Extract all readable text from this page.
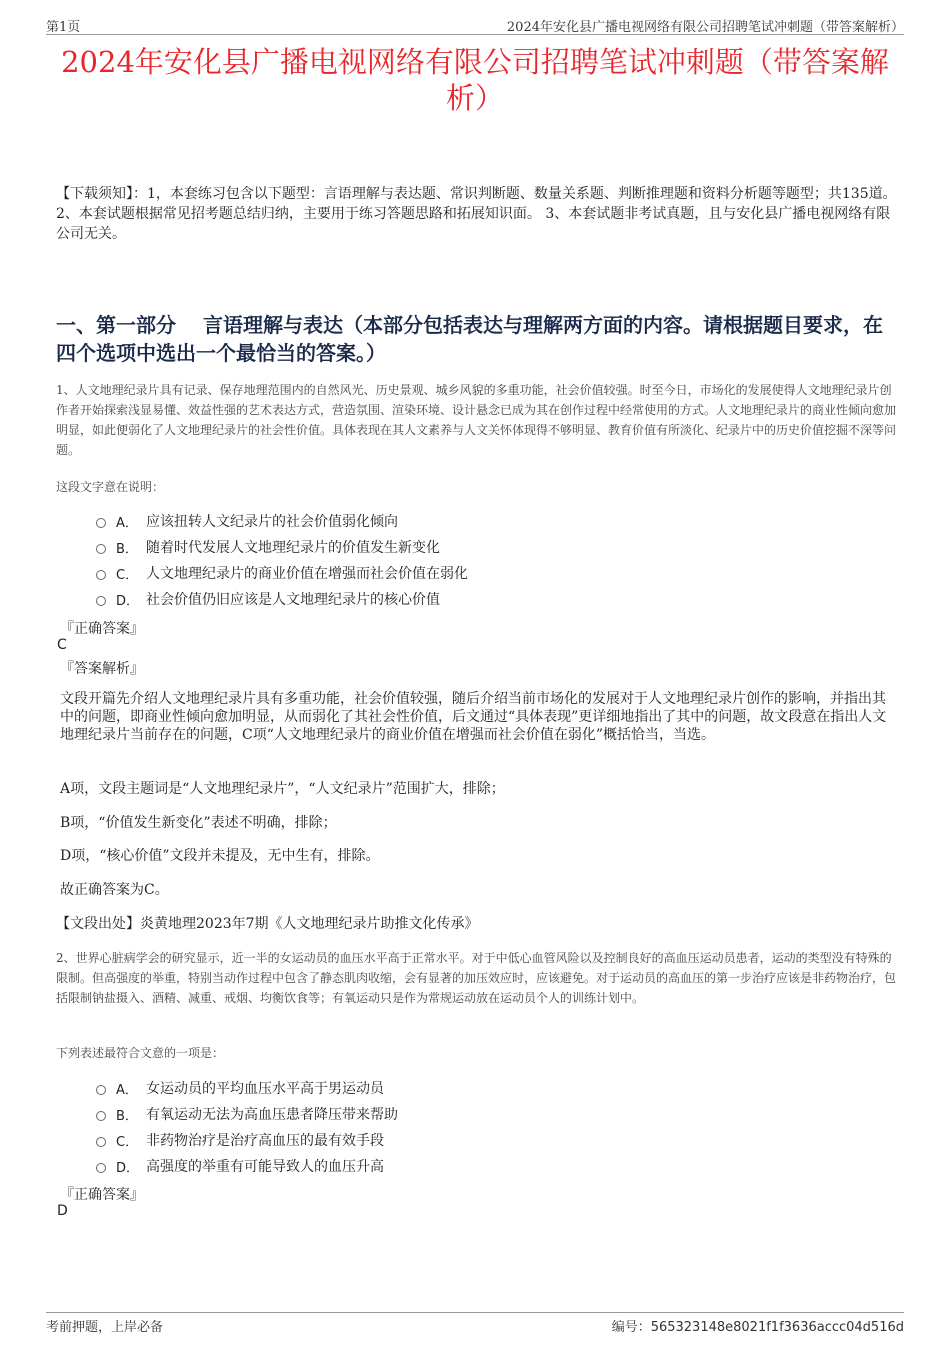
第1页	2024年安化县广播电视网络有限公司招聘笔试冲刺题（带答案解析）
2024年安化县广播电视网络有限公司招聘笔试冲刺题（带答案解析）

【下载须知】：1，本套练习包含以下题型：言语理解与表达题、常识判断题、数量关系题、判断推理题和资料分析题等题型；共135道。 2、本套试题根据常见招考题总结归纳，主要用于练习答题思路和拓展知识面。 3、本套试题非考试真题，且与安化县广播电视网络有限公司无关。

一、第一部分　 言语理解与表达（本部分包括表达与理解两方面的内容。请根据题目要求，在四个选项中选出一个最恰当的答案。）

1、人文地理纪录片具有记录、保存地理范围内的自然风光、历史景观、城乡风貌的多重功能，社会价值较强。时至今日，市场化的发展使得人文地理纪录片创作者开始探索浅显易懂、效益性强的艺术表达方式，营造氛围、渲染环境、设计悬念已成为其在创作过程中经常使用的方式。人文地理纪录片的商业性倾向愈加明显，如此便弱化了人文地理纪录片的社会性价值。具体表现在其人文素养与人文关怀体现得不够明显、教育价值有所淡化、纪录片中的历史价值挖掘不深等问题。

这段文字意在说明：

A． 应该扭转人文纪录片的社会价值弱化倾向
B． 随着时代发展人文地理纪录片的价值发生新变化
C． 人文地理纪录片的商业价值在增强而社会价值在弱化
D． 社会价值仍旧应该是人文地理纪录片的核心价值

『正确答案』

C

『答案解析』

文段开篇先介绍人文地理纪录片具有多重功能，社会价值较强，随后介绍当前市场化的发展对于人文地理纪录片创作的影响，并指出其中的问题，即商业性倾向愈加明显，从而弱化了其社会性价值，后文通过“具体表现”更详细地指出了其中的问题，故文段意在指出人文地理纪录片当前存在的问题，C项“人文地理纪录片的商业价值在增强而社会价值在弱化”概括恰当，当选。

A项，文段主题词是“人文地理纪录片”，“人文纪录片”范围扩大，排除；

B项，“价值发生新变化”表述不明确，排除；

D项，“核心价值”文段并未提及，无中生有，排除。

故正确答案为C。

【文段出处】炎黄地理2023年7期《人文地理纪录片助推文化传承》

2、世界心脏病学会的研究显示，近一半的女运动员的血压水平高于正常水平。对于中低心血管风险以及控制良好的高血压运动员患者，运动的类型没有特殊的限制。但高强度的举重，特别当动作过程中包含了静态肌肉收缩，会有显著的加压效应时，应该避免。对于运动员的高血压的第一步治疗应该是非药物治疗，包括限制钠盐摄入、酒精、减重、戒烟、均衡饮食等；有氧运动只是作为常规运动放在运动员个人的训练计划中。

下列表述最符合文意的一项是：

A． 女运动员的平均血压水平高于男运动员
B． 有氧运动无法为高血压患者降压带来帮助
C． 非药物治疗是治疗高血压的最有效手段
D． 高强度的举重有可能导致人的血压升高

『正确答案』

D

考前押题，上岸必备	编号：565323148e8021f1f3636accc04d516d
